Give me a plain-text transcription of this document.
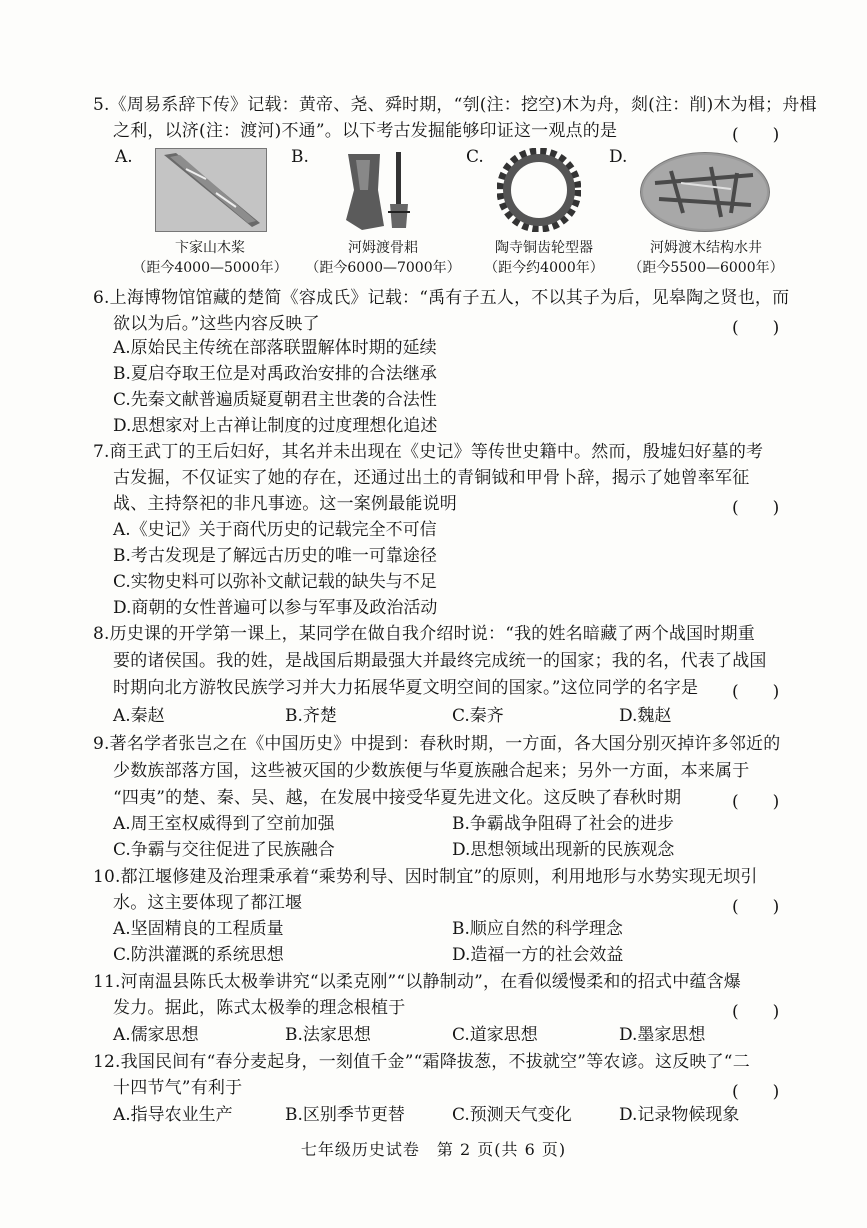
5.《周易系辞下传》记载：黄帝、尧、舜时期，“刳(注：挖空)木为舟，剡(注：削)木为楫；舟楫
之利，以济(注：渡河)不通”。以下考古发掘能够印证这一观点的是	(　　)
A.	B.	C.	D.
卞家山木桨
（距今4000—5000年）
河姆渡骨耜
（距今6000—7000年）
陶寺铜齿轮型器
（距今约4000年）
河姆渡木结构水井
（距今5500—6000年）
6.上海博物馆馆藏的楚简《容成氏》记载：“禹有子五人，不以其子为后，见皋陶之贤也，而
欲以为后。”这些内容反映了	(　　)
A.原始民主传统在部落联盟解体时期的延续
B.夏启夺取王位是对禹政治安排的合法继承
C.先秦文献普遍质疑夏朝君主世袭的合法性
D.思想家对上古禅让制度的过度理想化追述
7.商王武丁的王后妇好，其名并未出现在《史记》等传世史籍中。然而，殷墟妇好墓的考
古发掘，不仅证实了她的存在，还通过出土的青铜钺和甲骨卜辞，揭示了她曾率军征
战、主持祭祀的非凡事迹。这一案例最能说明	(　　)
A.《史记》关于商代历史的记载完全不可信
B.考古发现是了解远古历史的唯一可靠途径
C.实物史料可以弥补文献记载的缺失与不足
D.商朝的女性普遍可以参与军事及政治活动
8.历史课的开学第一课上，某同学在做自我介绍时说：“我的姓名暗藏了两个战国时期重
要的诸侯国。我的姓，是战国后期最强大并最终完成统一的国家；我的名，代表了战国
时期向北方游牧民族学习并大力拓展华夏文明空间的国家。”这位同学的名字是 (　　)
A.秦赵	B.齐楚	C.秦齐	D.魏赵
9.著名学者张岂之在《中国历史》中提到：春秋时期，一方面，各大国分别灭掉许多邻近的
少数族部落方国，这些被灭国的少数族便与华夏族融合起来；另外一方面，本来属于
“四夷”的楚、秦、吴、越，在发展中接受华夏先进文化。这反映了春秋时期	(　　)
A.周王室权威得到了空前加强	B.争霸战争阻碍了社会的进步
C.争霸与交往促进了民族融合	D.思想领域出现新的民族观念
10.都江堰修建及治理秉承着“乘势利导、因时制宜”的原则，利用地形与水势实现无坝引
水。这主要体现了都江堰	(　　)
A.坚固精良的工程质量	B.顺应自然的科学理念
C.防洪灌溉的系统思想	D.造福一方的社会效益
11.河南温县陈氏太极拳讲究“以柔克刚”“以静制动”，在看似缓慢柔和的招式中蕴含爆
发力。据此，陈式太极拳的理念根植于	(　　)
A.儒家思想	B.法家思想	C.道家思想	D.墨家思想
12.我国民间有“春分麦起身，一刻值千金”“霜降拔葱，不拔就空”等农谚。这反映了“二
十四节气”有利于	(　　)
A.指导农业生产	B.区别季节更替	C.预测天气变化	D.记录物候现象
七年级历史试卷　第 2 页(共 6 页)
